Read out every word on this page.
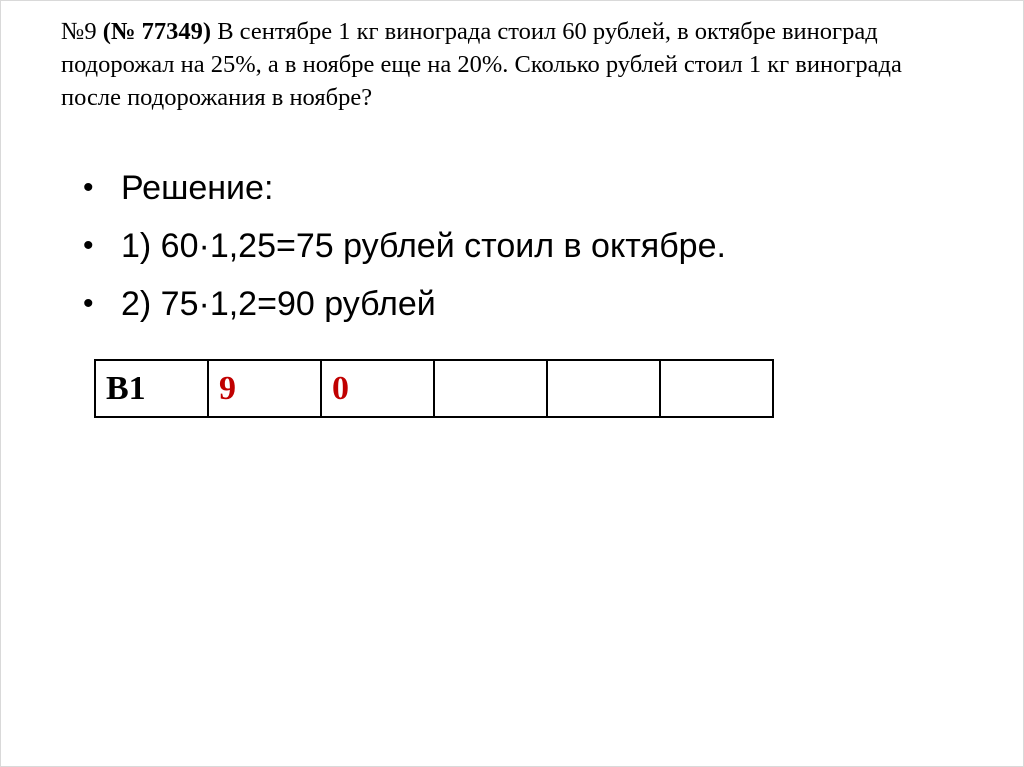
№9 (№ 77349) В сентябре 1 кг винограда стоил 60 рублей, в октябре виноград подорожал на 25%, а в ноябре еще на 20%. Сколько рублей стоил 1 кг винограда после подорожания в ноябре?

• Решение:
• 1) 60·1,25=75 рублей стоил в октябре.
• 2) 75·1,2=90 рублей
В1	9	0			
